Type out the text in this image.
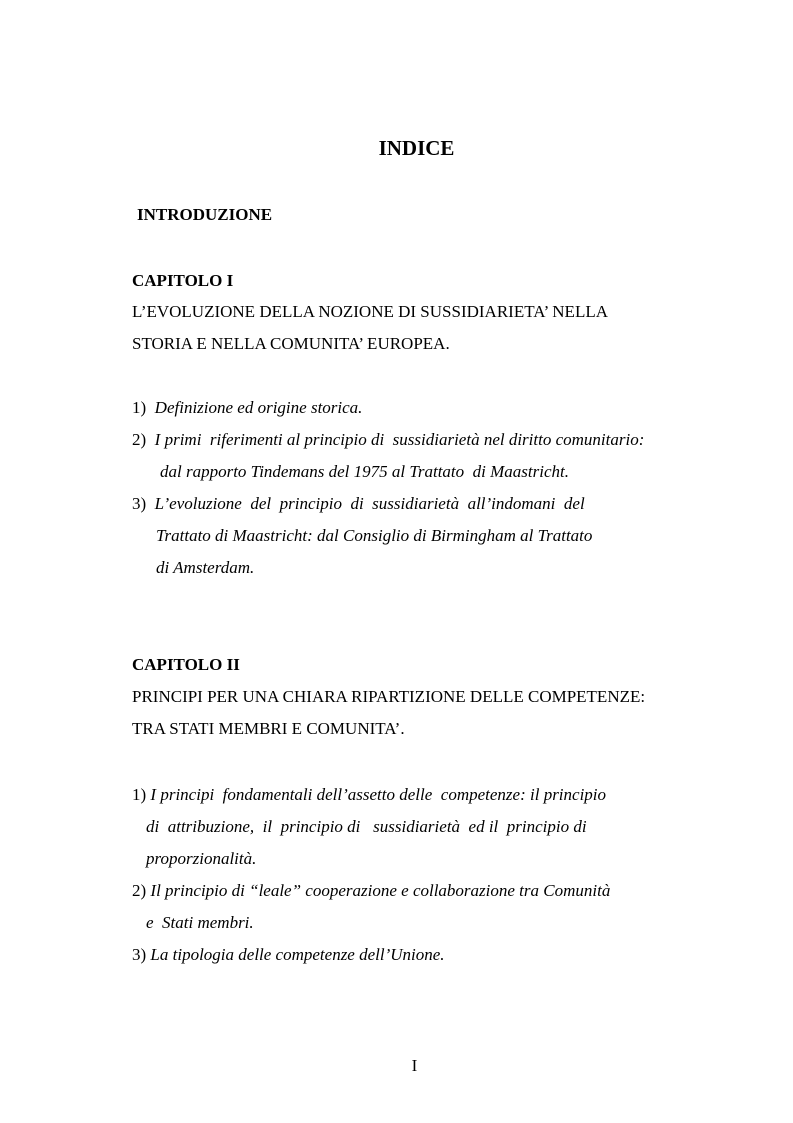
INDICE
INTRODUZIONE
CAPITOLO I
L’EVOLUZIONE DELLA NOZIONE DI SUSSIDIARIETA’ NELLA
STORIA E NELLA COMUNITA’ EUROPEA.
1)  Definizione ed origine storica.
2)  I primi  riferimenti al principio di  sussidiarietà nel diritto comunitario:
dal rapporto Tindemans del 1975 al Trattato  di Maastricht.
3)  L’evoluzione  del  principio  di  sussidiarietà  all’indomani  del
Trattato di Maastricht: dal Consiglio di Birmingham al Trattato
di Amsterdam.
CAPITOLO II
PRINCIPI PER UNA CHIARA RIPARTIZIONE DELLE COMPETENZE:
TRA STATI MEMBRI E COMUNITA’.
1) I principi  fondamentali dell’assetto delle  competenze: il principio
di  attribuzione,  il  principio di   sussidiarietà  ed il  principio di
proporzionalità.
2) Il principio di “leale” cooperazione e collaborazione tra Comunità
e  Stati membri.
3) La tipologia delle competenze dell’Unione.
I
